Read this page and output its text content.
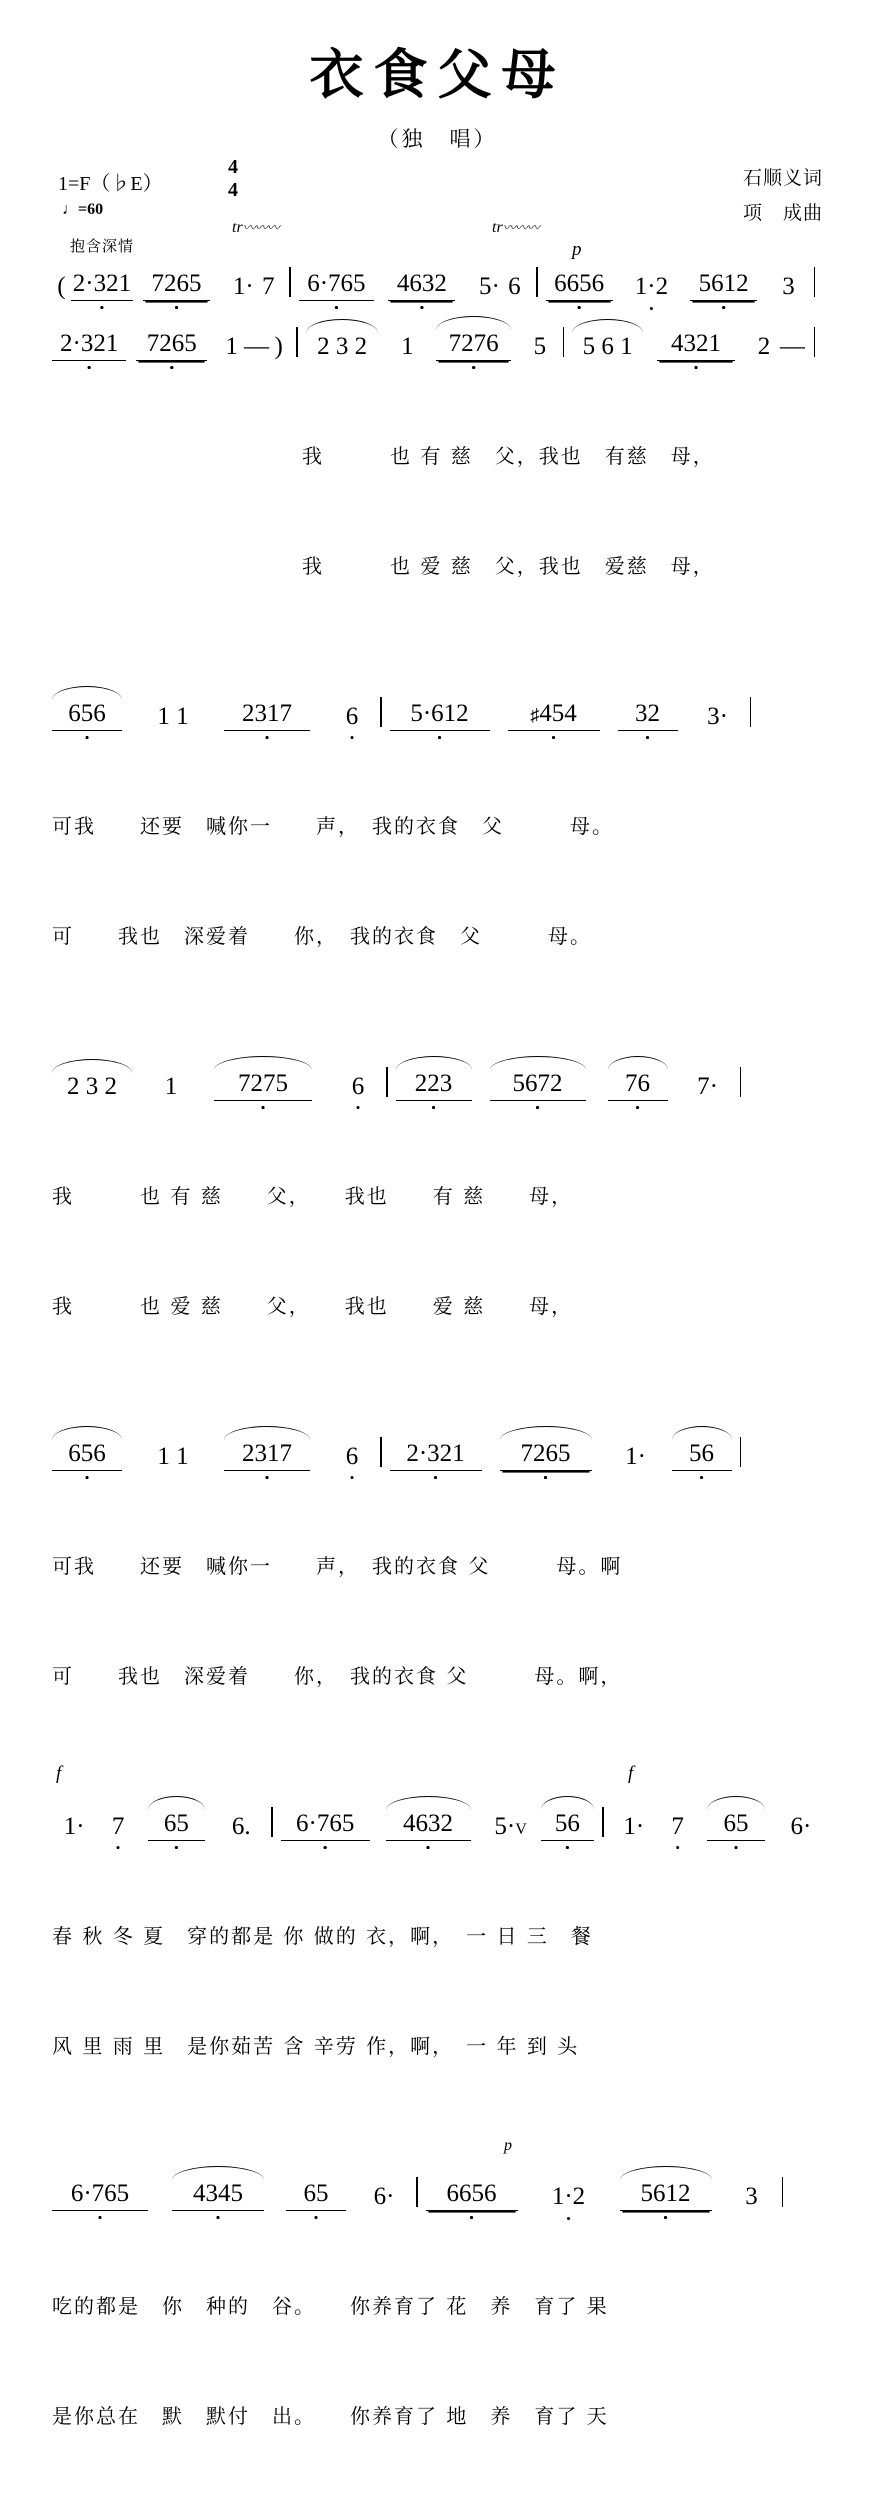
衣食父母
（独　唱）
1=F（♭E）
4
4
♩=60
石顺义词
项　成曲
抱含深情
tr〰〰〰	tr〰〰〰
p
( 2 •·3 •2 •1 7 •2 •6 •5 •	1· 7	6·7 •6 •5 •	4 •6 •3 •2 •	5· 6	6 •6 •5 •6 •	1·2 •	5 •6 •1 •2 •	3
2 •·3 •2 •1	7 •2 •6 •5 •	1 — )	2 3 2	1	7 •2 •7 •6 •	5	5 6 1	4 •3 •2 •1 •	2 —

我　　　也 有 慈　父，我也　有慈　母，

我　　　也 爱 慈　父，我也　爱慈　母，

6 •5 •6 •	1 1	2 •3 •1 •7 •	6 •	5·6 •1 •2 •	♯4 •5 •4 •	3 •2 •	3·

可我　　还要　喊你一　　声，　我的衣食　父　　　母。

可　　我也　深爱着　　你，　我的衣食　父　　　母。

2 3 2	1	7 •2 •7 •5 •	6 •	2 •2 •3 •	5 •6 •7 •2 •	7 •6 •	7·

我　　　也 有 慈　　父，　　我也　　有 慈　　母，

我　　　也 爱 慈　　父，　　我也　　爱 慈　　母，

6 •5 •6 •	1 1	2 •3 •1 •7 •	6 •	2 •·3 •2 •1 •	7 •2 •6 •5 •	1·	5 •6 •

可我　　还要　喊你一　　声，　我的衣食 父　　　母。啊

可　　我也　深爱着　　你，　我的衣食 父　　　母。啊，

f	f
1·	7 •	6 •5 •	6.	6·7 •6 •5 •	4 •6 •3 •2 •	5·V	5 •6 •	1·	7 •	6 •5 •	6·

春 秋 冬 夏　穿的都是 你 做的 衣，啊，　一 日 三　餐

风 里 雨 里　是你茹苦 含 辛劳 作，啊，　一 年 到 头

p
6·7 •6 •5 •	4 •3 •4 •5 •	6 •5 •	6·	6 •6 •5 •6 •	1·2 •	5 •6 •1 •2 •	3

吃的都是　你　种的　谷。　　你养育了 花　养　育了 果

是你总在　默　默付　出。　　你养育了 地　养　育了 天
